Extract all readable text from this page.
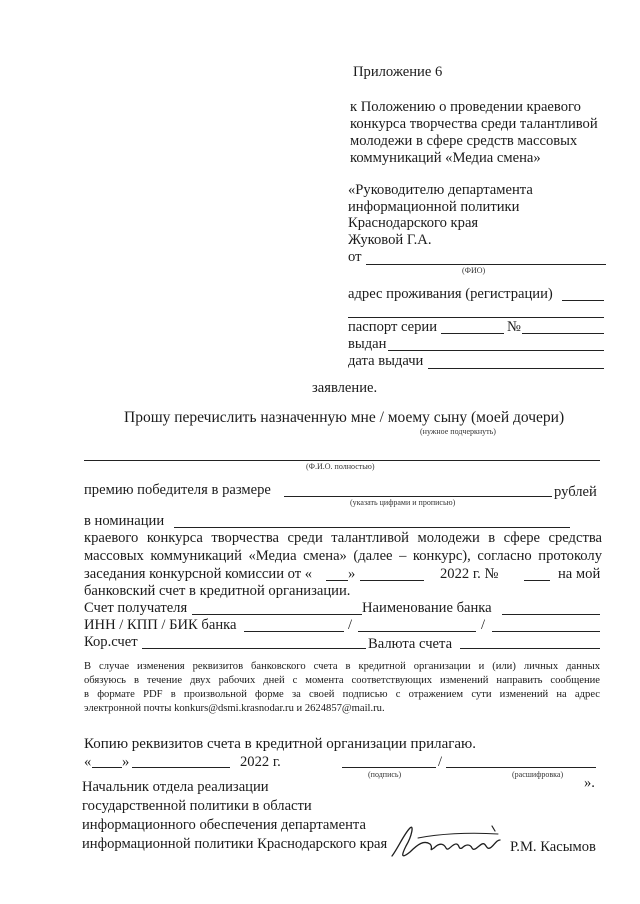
Приложение 6
к Положению о проведении краевого
конкурса творчества среди талантливой
молодежи в сфере средств массовых
коммуникаций «Медиа смена»
«Руководителю департамента
информационной политики
Краснодарского края
Жуковой Г.А.
от
(ФИО)
адрес проживания (регистрации)
паспорт серии	№
выдан
дата выдачи
заявление.
Прошу перечислить назначенную мне / моему сыну (моей дочери)
(нужное подчеркнуть)
(Ф.И.О. полностью)
премию победителя в размере	рублей
(указать цифрами и прописью)
в номинации
краевого конкурса творчества среди талантливой молодежи в сфере средства
массовых коммуникаций «Медиа смена» (далее – конкурс), согласно протоколу
заседания конкурсной комиссии от « »	2022 г. №	на мой
банковский счет в кредитной организации.
Счет получателя	Наименование банка
ИНН / КПП / БИК банка	/	/
Кор.счет	Валюта счета
В случае изменения реквизитов банковского счета в кредитной организации и (или) личных данных
обязуюсь в течение двух рабочих дней с момента соответствующих изменений направить сообщение
в формате PDF в произвольной форме за своей подписью с отражением сути изменений на адрес
электронной почты konkurs@dsmi.krasnodar.ru и 2624857@mail.ru.
Копию реквизитов счета в кредитной организации прилагаю.
« »	2022 г.	/
(подпись)	(расшифровка)
».
Начальник отдела реализации
государственной политики в области
информационного обеспечения департамента
информационной политики Краснодарского края	Р.М. Касымов
